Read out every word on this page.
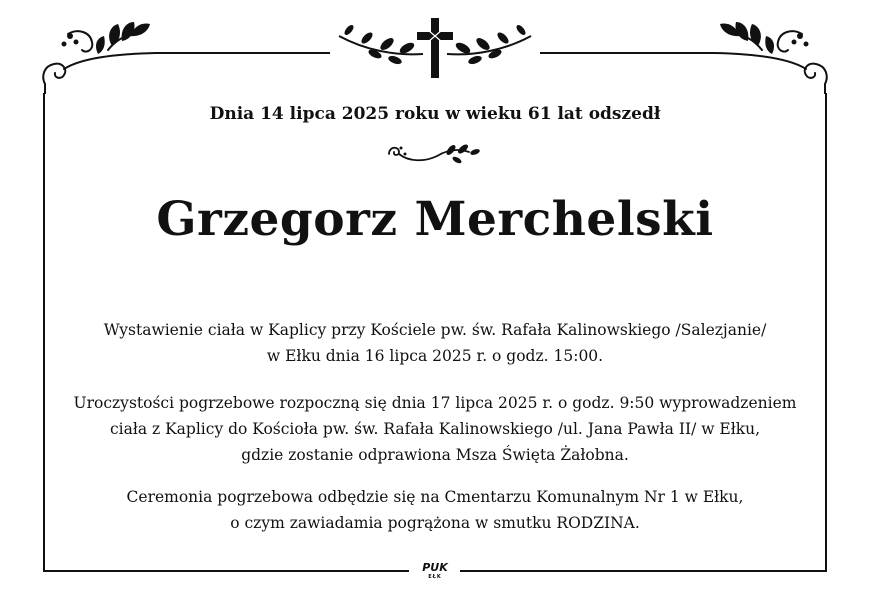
Dnia 14 lipca 2025 roku w wieku 61 lat odszedł
Grzegorz Merchelski
Wystawienie ciała w Kaplicy przy Kościele pw. św. Rafała Kalinowskiego /Salezjanie/
w Ełku dnia 16 lipca 2025 r. o godz. 15:00.
Uroczystości pogrzebowe rozpoczną się dnia 17 lipca 2025 r. o godz. 9:50 wyprowadzeniem
ciała z Kaplicy do Kościoła pw. św. Rafała Kalinowskiego /ul. Jana Pawła II/ w Ełku,
gdzie zostanie odprawiona Msza Święta Żałobna.
Ceremonia pogrzebowa odbędzie się na Cmentarzu Komunalnym Nr 1 w Ełku,
o czym zawiadamia pogrążona w smutku RODZINA.
PUK
EŁK
